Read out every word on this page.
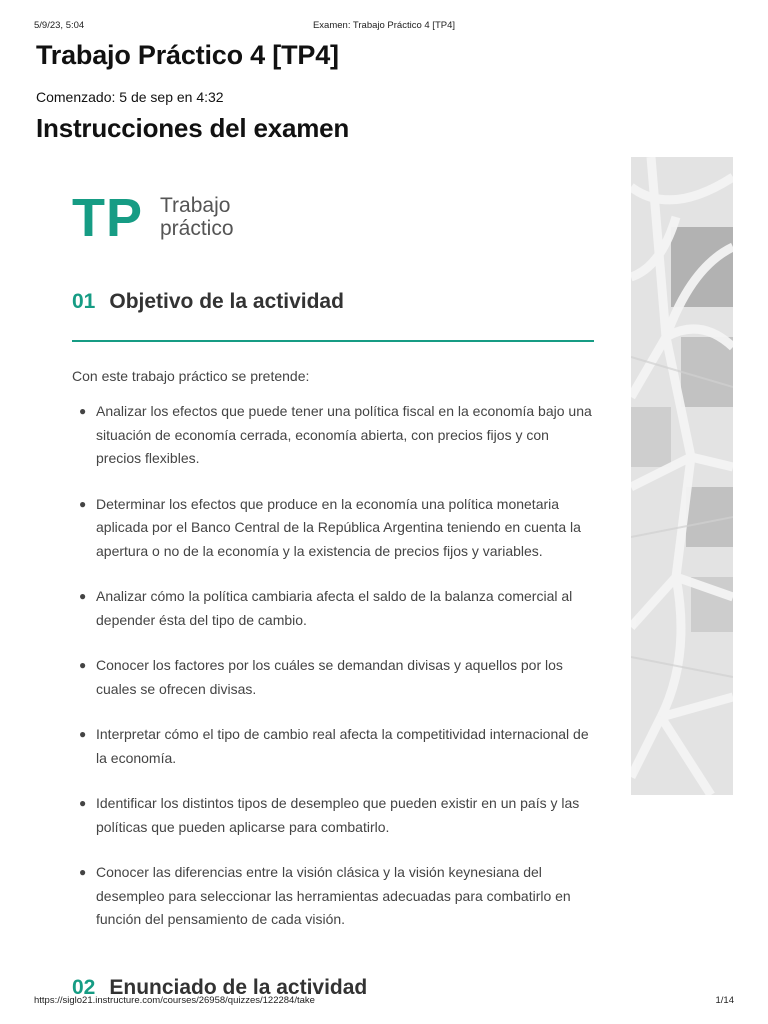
5/9/23, 5:04	Examen: Trabajo Práctico 4 [TP4]
Trabajo Práctico 4 [TP4]
Comenzado: 5 de sep en 4:32
Instrucciones del examen
TP Trabajo
práctico
01 Objetivo de la actividad
Con este trabajo práctico se pretende:
● Analizar los efectos que puede tener una política fiscal en la economía bajo una situación de economía cerrada, economía abierta, con precios fijos y con precios flexibles.
● Determinar los efectos que produce en la economía una política monetaria aplicada por el Banco Central de la República Argentina teniendo en cuenta la apertura o no de la economía y la existencia de precios fijos y variables.
● Analizar cómo la política cambiaria afecta el saldo de la balanza comercial al depender ésta del tipo de cambio.
● Conocer los factores por los cuáles se demandan divisas y aquellos por los cuales se ofrecen divisas.
● Interpretar cómo el tipo de cambio real afecta la competitividad internacional de la economía.
● Identificar los distintos tipos de desempleo que pueden existir en un país y las políticas que pueden aplicarse para combatirlo.
● Conocer las diferencias entre la visión clásica y la visión keynesiana del desempleo para seleccionar las herramientas adecuadas para combatirlo en función del pensamiento de cada visión.
02 Enunciado de la actividad
https://siglo21.instructure.com/courses/26958/quizzes/122284/take	1/14
